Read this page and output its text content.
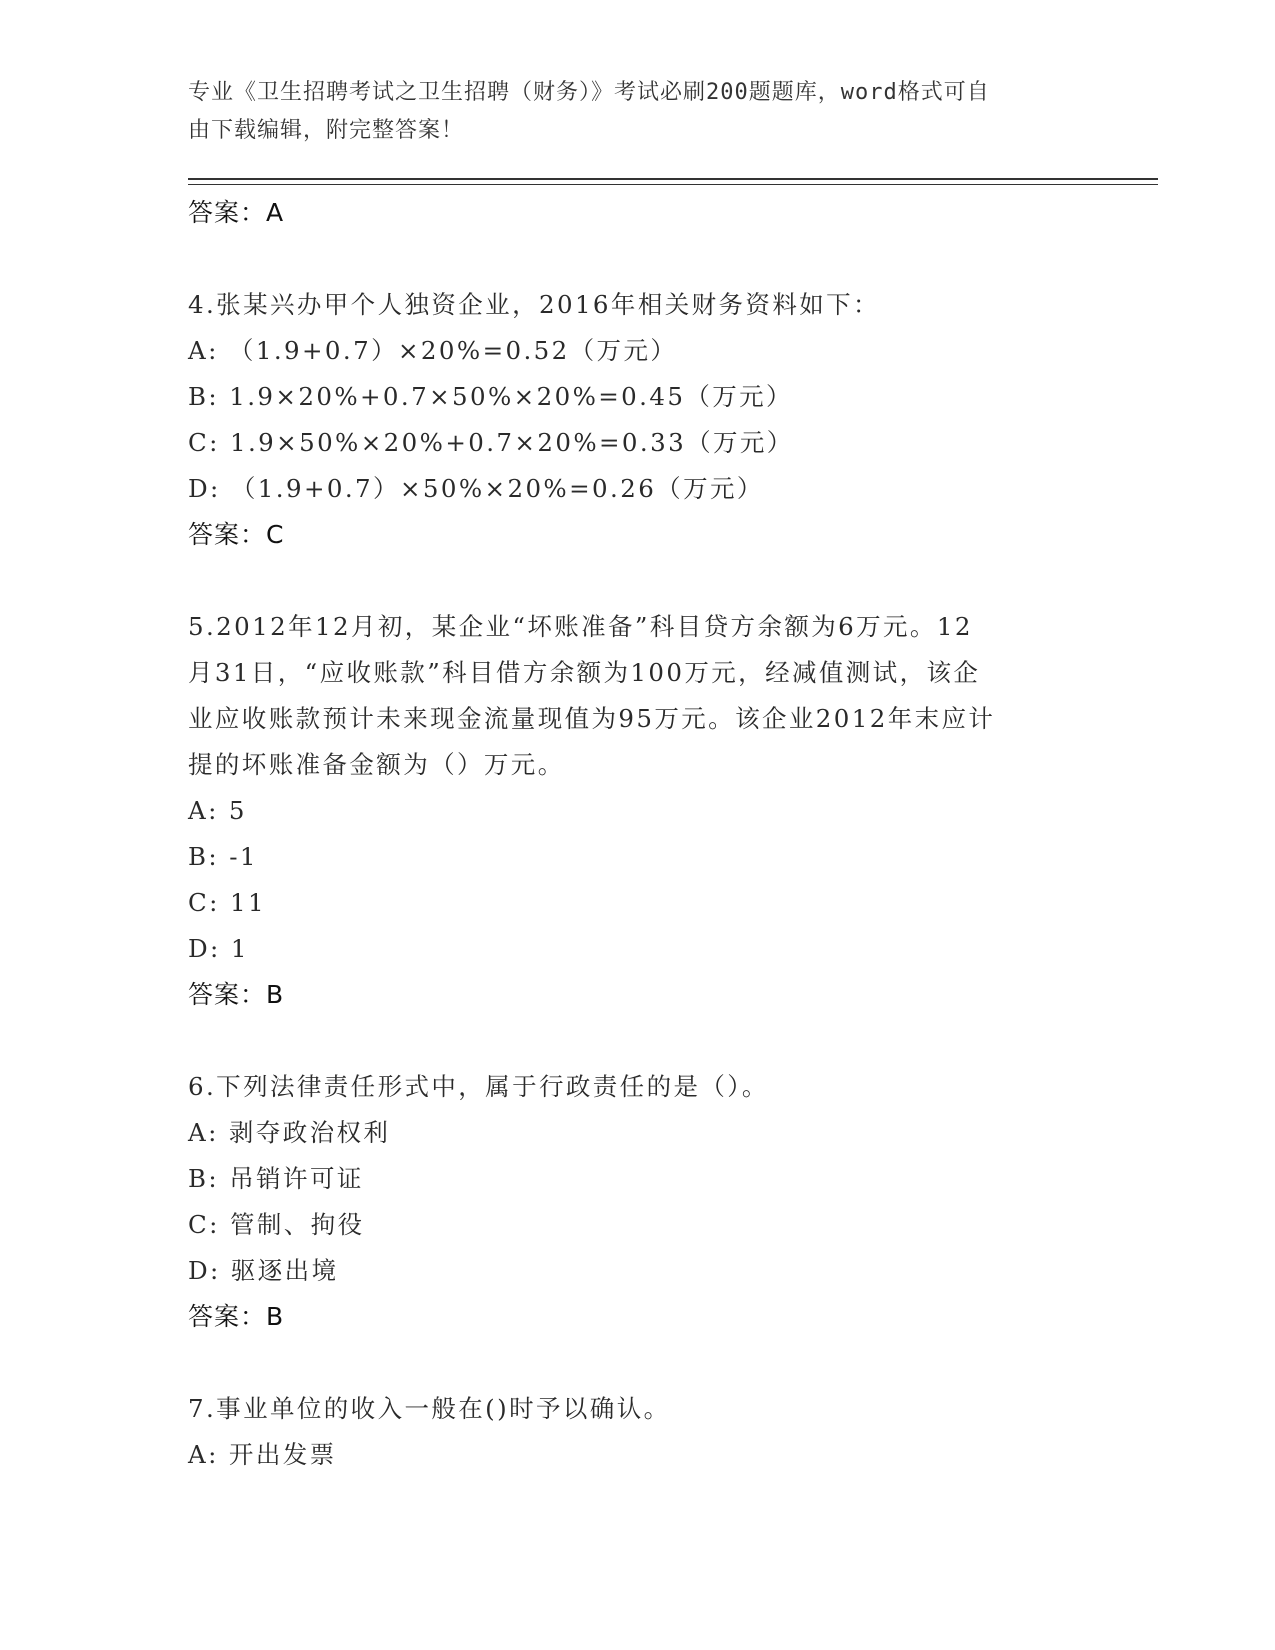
专业《卫生招聘考试之卫生招聘（财务）》考试必刷200题题库，word格式可自
由下载编辑，附完整答案！
答案：A
4.张某兴办甲个人独资企业，2016年相关财务资料如下：
A: （1.9+0.7）×20%=0.52（万元）
B: 1.9×20%+0.7×50%×20%=0.45（万元）
C: 1.9×50%×20%+0.7×20%=0.33（万元）
D: （1.9+0.7）×50%×20%=0.26（万元）
答案：C
5.2012年12月初，某企业“坏账准备”科目贷方余额为6万元。12
月31日，“应收账款”科目借方余额为100万元，经减值测试，该企
业应收账款预计未来现金流量现值为95万元。该企业2012年末应计
提的坏账准备金额为（）万元。
A: 5
B: -1
C: 11
D: 1
答案：B
6.下列法律责任形式中，属于行政责任的是（）。
A: 剥夺政治权利
B: 吊销许可证
C: 管制、拘役
D: 驱逐出境
答案：B
7.事业单位的收入一般在()时予以确认。
A: 开出发票
